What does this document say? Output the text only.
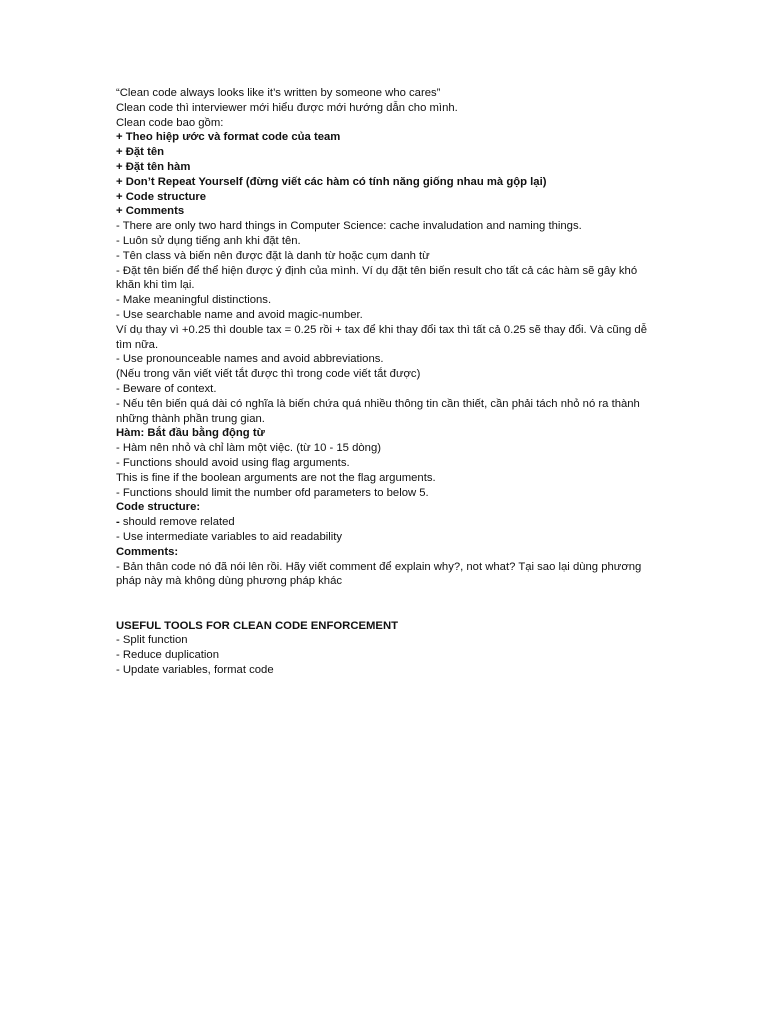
“Clean code always looks like it’s written by someone who cares”

Clean code thì interviewer mới hiểu được mới hướng dẫn cho mình.

Clean code bao gồm:

+ Theo hiệp ước và format code của team

+ Đặt tên

+ Đặt tên hàm

+ Don’t Repeat Yourself (đừng viết các hàm có tính năng giống nhau mà gộp lại)

+ Code structure

+ Comments

- There are only two hard things in Computer Science: cache invaludation and naming things.

- Luôn sử dụng tiếng anh khi đặt tên.

- Tên class và biến nên được đặt là danh từ hoặc cụm danh từ

- Đặt tên biến để thể hiện được ý định của mình. Ví dụ đặt tên biến result cho tất cả các hàm sẽ gây khó khăn khi tìm lại.

- Make meaningful distinctions.

- Use searchable name and avoid magic-number.

Ví dụ thay vì +0.25 thì double tax = 0.25 rồi + tax để khi thay đổi tax thì tất cả 0.25 sẽ thay đổi. Và cũng dễ tìm nữa.

- Use pronounceable names and avoid abbreviations.

(Nếu trong văn viết viết tắt được thì trong code viết tắt được)

- Beware of context.

- Nếu tên biến quá dài có nghĩa là biến chứa quá nhiều thông tin cần thiết, cần phải tách nhỏ nó ra thành những thành phần trung gian.

Hàm: Bắt đầu bằng động từ

- Hàm nên nhỏ và chỉ làm một việc. (từ 10 - 15 dòng)

- Functions should avoid using flag arguments.

This is fine if the boolean arguments are not the flag arguments.

- Functions should limit the number ofd parameters to below 5.

Code structure:

- should remove related

- Use intermediate variables to aid readability

Comments:

- Bản thân code nó đã nói lên rồi. Hãy viết comment để explain why?, not what? Tại sao lại dùng phương pháp này mà không dùng phương pháp khác

USEFUL TOOLS FOR CLEAN CODE ENFORCEMENT

- Split function

- Reduce duplication

- Update variables, format code
